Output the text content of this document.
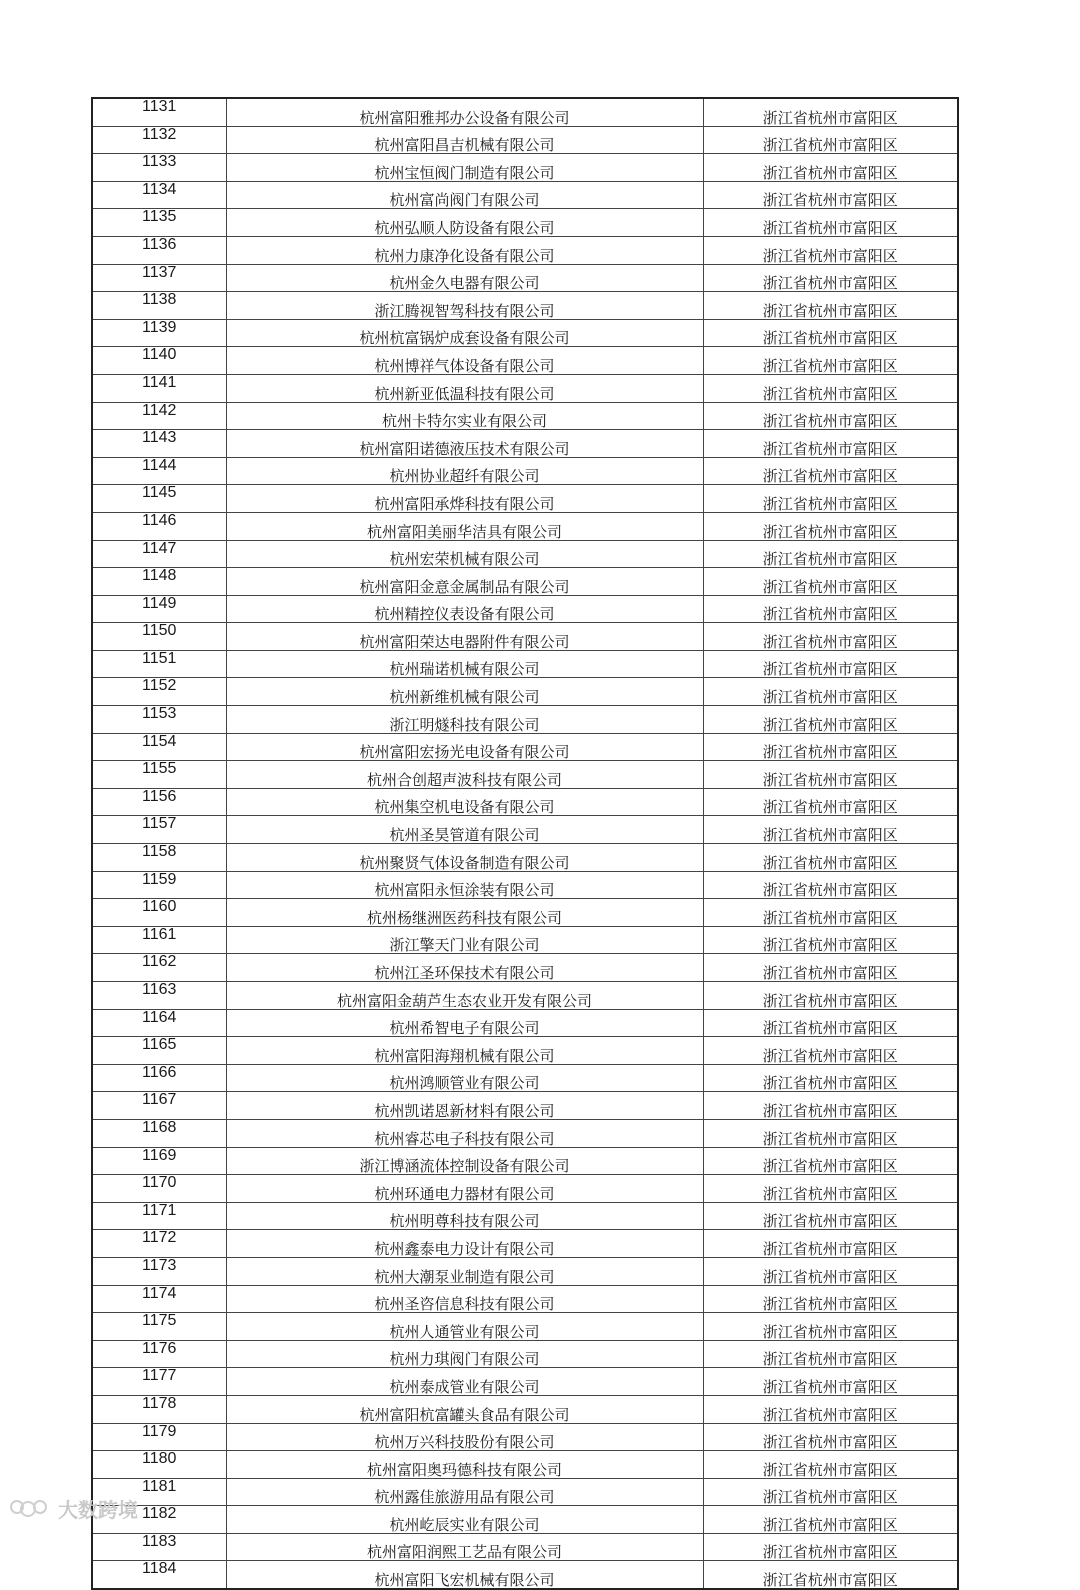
1131	杭州富阳雅邦办公设备有限公司	浙江省杭州市富阳区
1132	杭州富阳昌吉机械有限公司	浙江省杭州市富阳区
1133	杭州宝恒阀门制造有限公司	浙江省杭州市富阳区
1134	杭州富尚阀门有限公司	浙江省杭州市富阳区
1135	杭州弘顺人防设备有限公司	浙江省杭州市富阳区
1136	杭州力康净化设备有限公司	浙江省杭州市富阳区
1137	杭州金久电器有限公司	浙江省杭州市富阳区
1138	浙江腾视智驾科技有限公司	浙江省杭州市富阳区
1139	杭州杭富锅炉成套设备有限公司	浙江省杭州市富阳区
1140	杭州博祥气体设备有限公司	浙江省杭州市富阳区
1141	杭州新亚低温科技有限公司	浙江省杭州市富阳区
1142	杭州卡特尔实业有限公司	浙江省杭州市富阳区
1143	杭州富阳诺德液压技术有限公司	浙江省杭州市富阳区
1144	杭州协业超纤有限公司	浙江省杭州市富阳区
1145	杭州富阳承烨科技有限公司	浙江省杭州市富阳区
1146	杭州富阳美丽华洁具有限公司	浙江省杭州市富阳区
1147	杭州宏荣机械有限公司	浙江省杭州市富阳区
1148	杭州富阳金意金属制品有限公司	浙江省杭州市富阳区
1149	杭州精控仪表设备有限公司	浙江省杭州市富阳区
1150	杭州富阳荣达电器附件有限公司	浙江省杭州市富阳区
1151	杭州瑞诺机械有限公司	浙江省杭州市富阳区
1152	杭州新维机械有限公司	浙江省杭州市富阳区
1153	浙江明燧科技有限公司	浙江省杭州市富阳区
1154	杭州富阳宏扬光电设备有限公司	浙江省杭州市富阳区
1155	杭州合创超声波科技有限公司	浙江省杭州市富阳区
1156	杭州集空机电设备有限公司	浙江省杭州市富阳区
1157	杭州圣昊管道有限公司	浙江省杭州市富阳区
1158	杭州聚贤气体设备制造有限公司	浙江省杭州市富阳区
1159	杭州富阳永恒涂装有限公司	浙江省杭州市富阳区
1160	杭州杨继洲医药科技有限公司	浙江省杭州市富阳区
1161	浙江擎天门业有限公司	浙江省杭州市富阳区
1162	杭州江圣环保技术有限公司	浙江省杭州市富阳区
1163	杭州富阳金葫芦生态农业开发有限公司	浙江省杭州市富阳区
1164	杭州希智电子有限公司	浙江省杭州市富阳区
1165	杭州富阳海翔机械有限公司	浙江省杭州市富阳区
1166	杭州鸿顺管业有限公司	浙江省杭州市富阳区
1167	杭州凯诺恩新材料有限公司	浙江省杭州市富阳区
1168	杭州睿芯电子科技有限公司	浙江省杭州市富阳区
1169	浙江博涵流体控制设备有限公司	浙江省杭州市富阳区
1170	杭州环通电力器材有限公司	浙江省杭州市富阳区
1171	杭州明尊科技有限公司	浙江省杭州市富阳区
1172	杭州鑫泰电力设计有限公司	浙江省杭州市富阳区
1173	杭州大潮泵业制造有限公司	浙江省杭州市富阳区
1174	杭州圣咨信息科技有限公司	浙江省杭州市富阳区
1175	杭州人通管业有限公司	浙江省杭州市富阳区
1176	杭州力琪阀门有限公司	浙江省杭州市富阳区
1177	杭州泰成管业有限公司	浙江省杭州市富阳区
1178	杭州富阳杭富罐头食品有限公司	浙江省杭州市富阳区
1179	杭州万兴科技股份有限公司	浙江省杭州市富阳区
1180	杭州富阳奥玛德科技有限公司	浙江省杭州市富阳区
1181	杭州露佳旅游用品有限公司	浙江省杭州市富阳区
1182	杭州屹辰实业有限公司	浙江省杭州市富阳区
1183	杭州富阳润熙工艺品有限公司	浙江省杭州市富阳区
1184	杭州富阳飞宏机械有限公司	浙江省杭州市富阳区
大数跨境
